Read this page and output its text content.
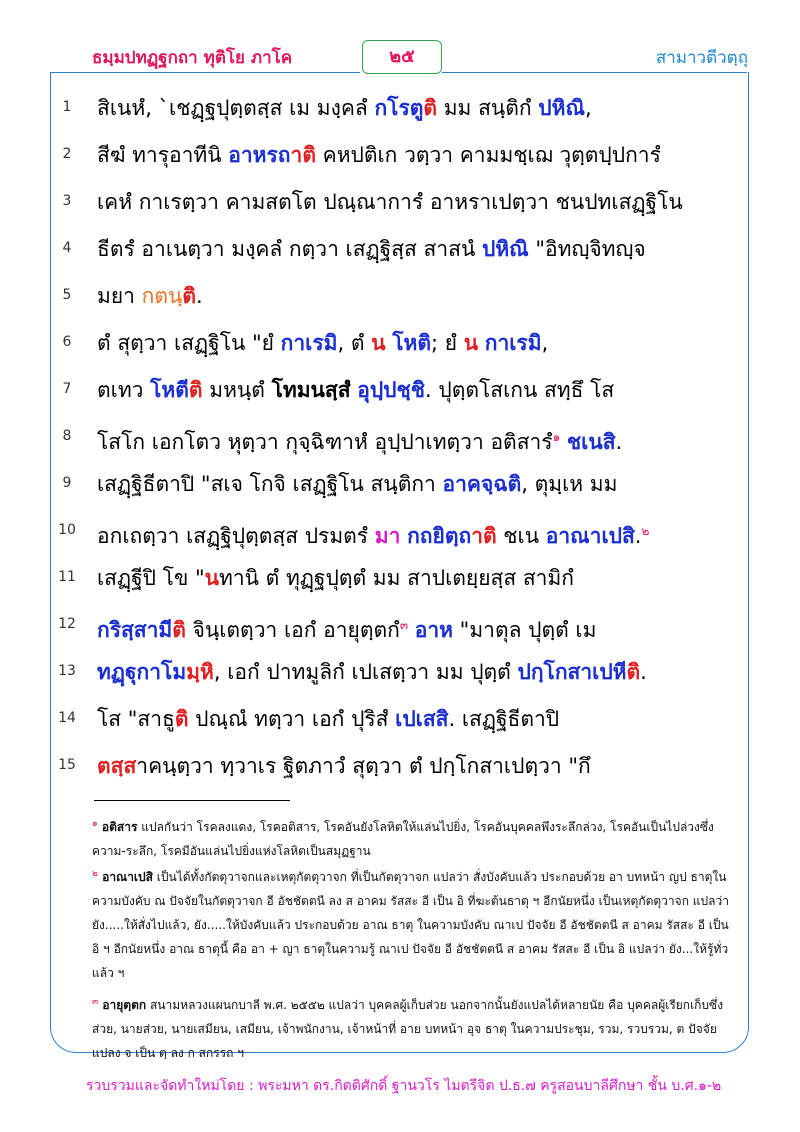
ธมฺมปทฏฺฐกถา ทุติโย ภาโค	๒๕	สามาวตีวตฺถุ
1	สิเนหํ, `เชฏฺฐปุตฺตสฺส เม มงฺคลํ กโรตูติ มม สนฺติกํ ปหิณิ,
2	สีฆํ ทารุอาทีนิ อาหรถาติ คหปติเก วตฺวา คามมชฺเฌ วุตฺตปฺปการํ
3	เคหํ กาเรตฺวา คามสตโต ปณฺณาการํ อาหราเปตฺวา ชนปทเสฏฺฐิโน
4	ธีตรํ อาเนตฺวา มงฺคลํ กตฺวา เสฏฺฐิสฺส สาสนํ ปหิณิ "อิทญฺจิทญฺจ
5	มยา กตนฺติ.
6	ตํ สุตฺวา เสฏฺฐิโน "ยํ กาเรมิ, ตํ น โหติ; ยํ น กาเรมิ,
7	ตเทว โหตีติ มหนฺตํ โทมนสฺสํ อุปฺปชฺชิ. ปุตฺตโสเกน สทฺธึ โส
8	โสโก เอกโตว หุตฺวา กุจฺฉิฑาหํ อุปฺปาเทตฺวา อติสารํ$^๑$ ชเนสิ.
9	เสฏฺฐิธีตาปิ "สเจ โกจิ เสฏฺฐิโน สนฺติกา อาคจฺฉติ, ตุมฺเห มม
10 อกเถตฺวา เสฏฺฐิปุตฺตสฺส ปรมตรํ มา กถยิตฺถาติ ชเน อาณาเปสิ.$^๒$
11 เสฏฺฐีปิ โข "นทานิ ตํ ทุฏฺฐปุตฺตํ มม สาปเตยฺยสฺส สามิกํ
12 กริสฺสามีติ จินฺเตตฺวา เอกํ อายุตฺตกํ$^๓$ อาห "มาตุล ปุตฺตํ เม
13 ทฏฺฐุกาโมมฺหิ, เอกํ ปาทมูลิกํ เปเสตฺวา มม ปุตฺตํ ปกฺโกสาเปหีติ.
14 โส "สาธูติ ปณฺณํ ทตฺวา เอกํ ปุริสํ เปเสสิ. เสฏฺฐิธีตาปิ
15 ตสฺสาคนฺตฺวา ทฺวาเร ฐิตภาวํ สุตฺวา ตํ ปกฺโกสาเปตฺวา "กึ
$^๑$ อติสาร แปลกันว่า โรคลงแดง, โรคอติสาร, โรคอันยังโลหิตให้แล่นไปยิ่ง, โรคอันบุคคลพึงระลึกล่วง, โรคอันเป็นไปล่วงซึ่งความ-ระลึก, โรคมีอันแล่นไปยิ่งแห่งโลหิตเป็นสมุฏฐาน
$^๒$ อาณาเปสิ เป็นได้ทั้งกัตตุวาจกและเหตุกัตตุวาจก ที่เป็นกัตตุวาจก แปลว่า สั่งบังคับแล้ว ประกอบด้วย อา บทหน้า ญป ธาตุในความบังคับ ณ ปัจจัยในกัตตุวาจก อี อัชชัตตนี ลง ส อาคม รัสสะ อี เป็น อิ ที่ฆะต้นธาตุ ฯ อีกนัยหนึ่ง เป็นเหตุกัตตุวาจก แปลว่า ยัง.....ให้สั่งไปแล้ว, ยัง.....ให้บังคับแล้ว ประกอบด้วย อาณ ธาตุ ในความบังคับ ณาเป ปัจจัย อี อัชชัตตนี ส อาคม รัสสะ อี เป็น อิ ฯ อีกนัยหนึ่ง อาณ ธาตุนี้ คือ อา + ญา ธาตุในความรู้ ณาเป ปัจจัย อี อัชชัตตนี ส อาคม รัสสะ อี เป็น อิ แปลว่า ยัง...ให้รู้ทั่วแล้ว ฯ
$^๓$ อายุตฺตก สนามหลวงแผนกบาลี พ.ศ. ๒๕๕๒ แปลว่า บุคคลผู้เก็บส่วย นอกจากนั้นยังแปลได้หลายนัย คือ บุคคลผู้เรียกเก็บซึ่งส่วย, นายส่วย, นายเสมียน, เสมียน, เจ้าพนักงาน, เจ้าหน้าที่ อาย บทหน้า อุจ ธาตุ ในความประชุม, รวม, รวบรวม, ต ปัจจัยแปลง จ เป็น ตฺ ลง ก สกรรถ ฯ
รวบรวมและจัดทำใหม่โดย : พระมหา ดร.กิตติศักดิ์ ฐานวโร ไมตรีจิต ป.ธ.๗ ครูสอนบาลีศึกษา ชั้น บ.ศ.๑-๒
